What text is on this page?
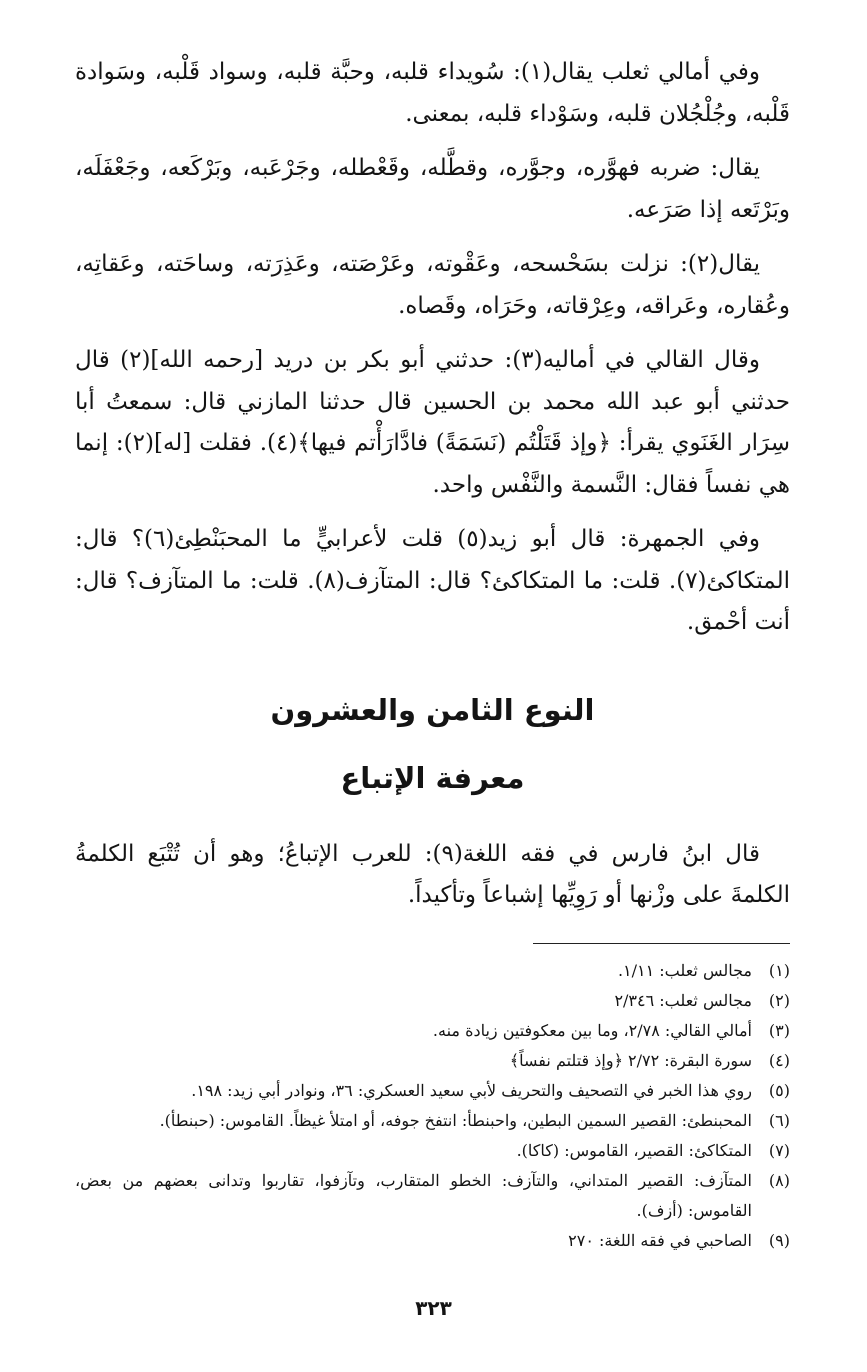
وفي أمالي ثعلب يقال(١): سُويداء قلبه، وحبَّة قلبه، وسواد قَلْبه، وسَوادة قَلْبه، وجُلْجُلان قلبه، وسَوْداء قلبه، بمعنى.

يقال: ضربه فهوَّره، وجوَّره، وقطَّله، وقَعْطله، وجَرْعَبه، وبَرْكَعه، وجَعْفَلَه، وبَرْتَعه إذا صَرَعه.

يقال(٢): نزلت بسَحْسحه، وعَقْوته، وعَرْصَته، وعَذِرَته، وساحَته، وعَقاتِه، وعُقاره، وعَراقه، وعِرْقاته، وحَرَاه، وقَصاه.

وقال القالي في أماليه(٣): حدثني أبو بكر بن دريد [رحمه الله](٢) قال حدثني أبو عبد الله محمد بن الحسين قال حدثنا المازني قال: سمعتُ أبا سِرَار الغَنَوي يقرأ: ﴿وإذ قَتَلْتُم (نَسَمَةً) فادَّارَأْتم فيها﴾(٤). فقلت [له](٢): إنما هي نفساً فقال: النَّسمة والنَّفْس واحد.

وفي الجمهرة: قال أبو زيد(٥) قلت لأعرابيٍّ ما المحبَنْطِئ(٦)؟ قال: المتكاكئ(٧). قلت: ما المتكاكئ؟ قال: المتآزف(٨). قلت: ما المتآزف؟ قال: أنت أحْمق.

النوع الثامن والعشرون
معرفة الإتباع

قال ابنُ فارس في فقه اللغة(٩): للعرب الإتباعُ؛ وهو أن تُتْبَع الكلمةُ الكلمةَ على وزْنها أو رَوِيِّها إشباعاً وتأكيداً.

(١)
مجالس ثعلب: ١/١١.
(٢)
مجالس ثعلب: ٢/٣٤٦
(٣)
أمالي القالي: ٢/٧٨، وما بين معكوفتين زيادة منه.
(٤)
سورة البقرة: ٢/٧٢ ﴿وإذ قتلتم نفساً﴾
(٥)
روي هذا الخبر في التصحيف والتحريف لأبي سعيد العسكري: ٣٦، ونوادر أبي زيد: ١٩٨.
(٦)
المحبنطئ: القصير السمين البطين، واحبنطأ: انتفخ جوفه، أو امتلأ غيظاً. القاموس: (حبنطأ).
(٧)
المتكاكئ: القصير، القاموس: (كاكا).
(٨)
المتآزف: القصير المتداني، والتآزف: الخطو المتقارب، وتآزفوا، تقاربوا وتدانى بعضهم من بعض، القاموس: (أزف).
(٩)
الصاحبي في فقه اللغة: ٢٧٠
٣٢٣
